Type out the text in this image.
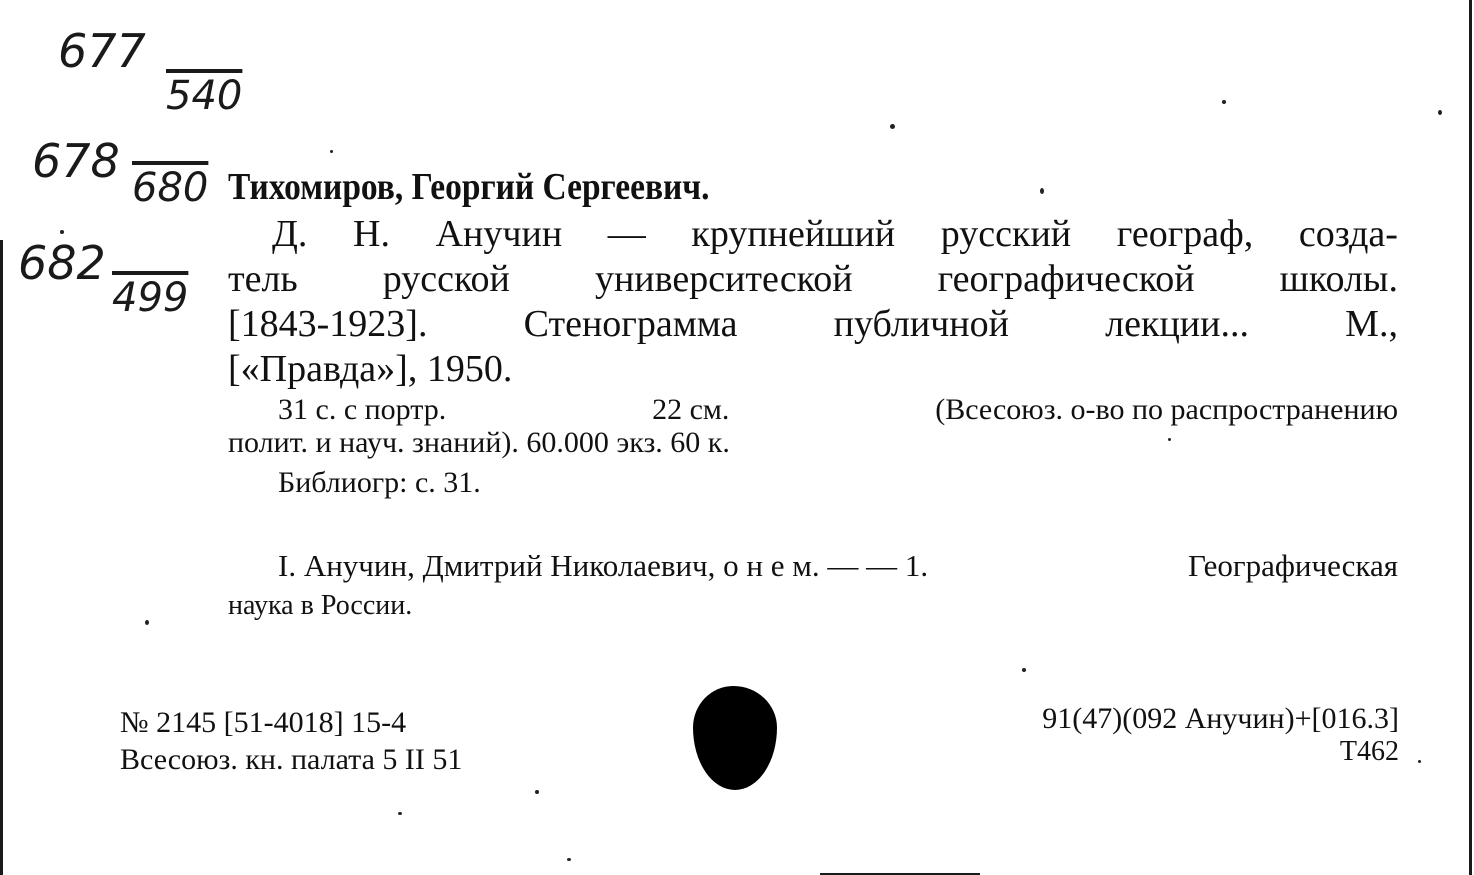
677
540
678 680
682
499
Тихомиров, Георгий Сергеевич.
Д. Н. Анучин — крупнейший русский географ, созда-
тель русской университеской географической школы.
[1843-1923].	Стенограмма	публичной	лекции...	М.,
[«Правда»], 1950.
31 с. с портр.	22 см.	(Всесоюз. о-во по распространению
полит. и науч. знаний). 60.000 экз. 60 к.
Библиогр: с. 31.
I. Анучин, Дмитрий Николаевич, о н е м. — — 1.	Географическая
наука в России.
№ 2145 [51-4018] 15-4
Всесоюз. кн. палата 5 II 51
91(47)(092 Анучин)+[016.3]
Т462
